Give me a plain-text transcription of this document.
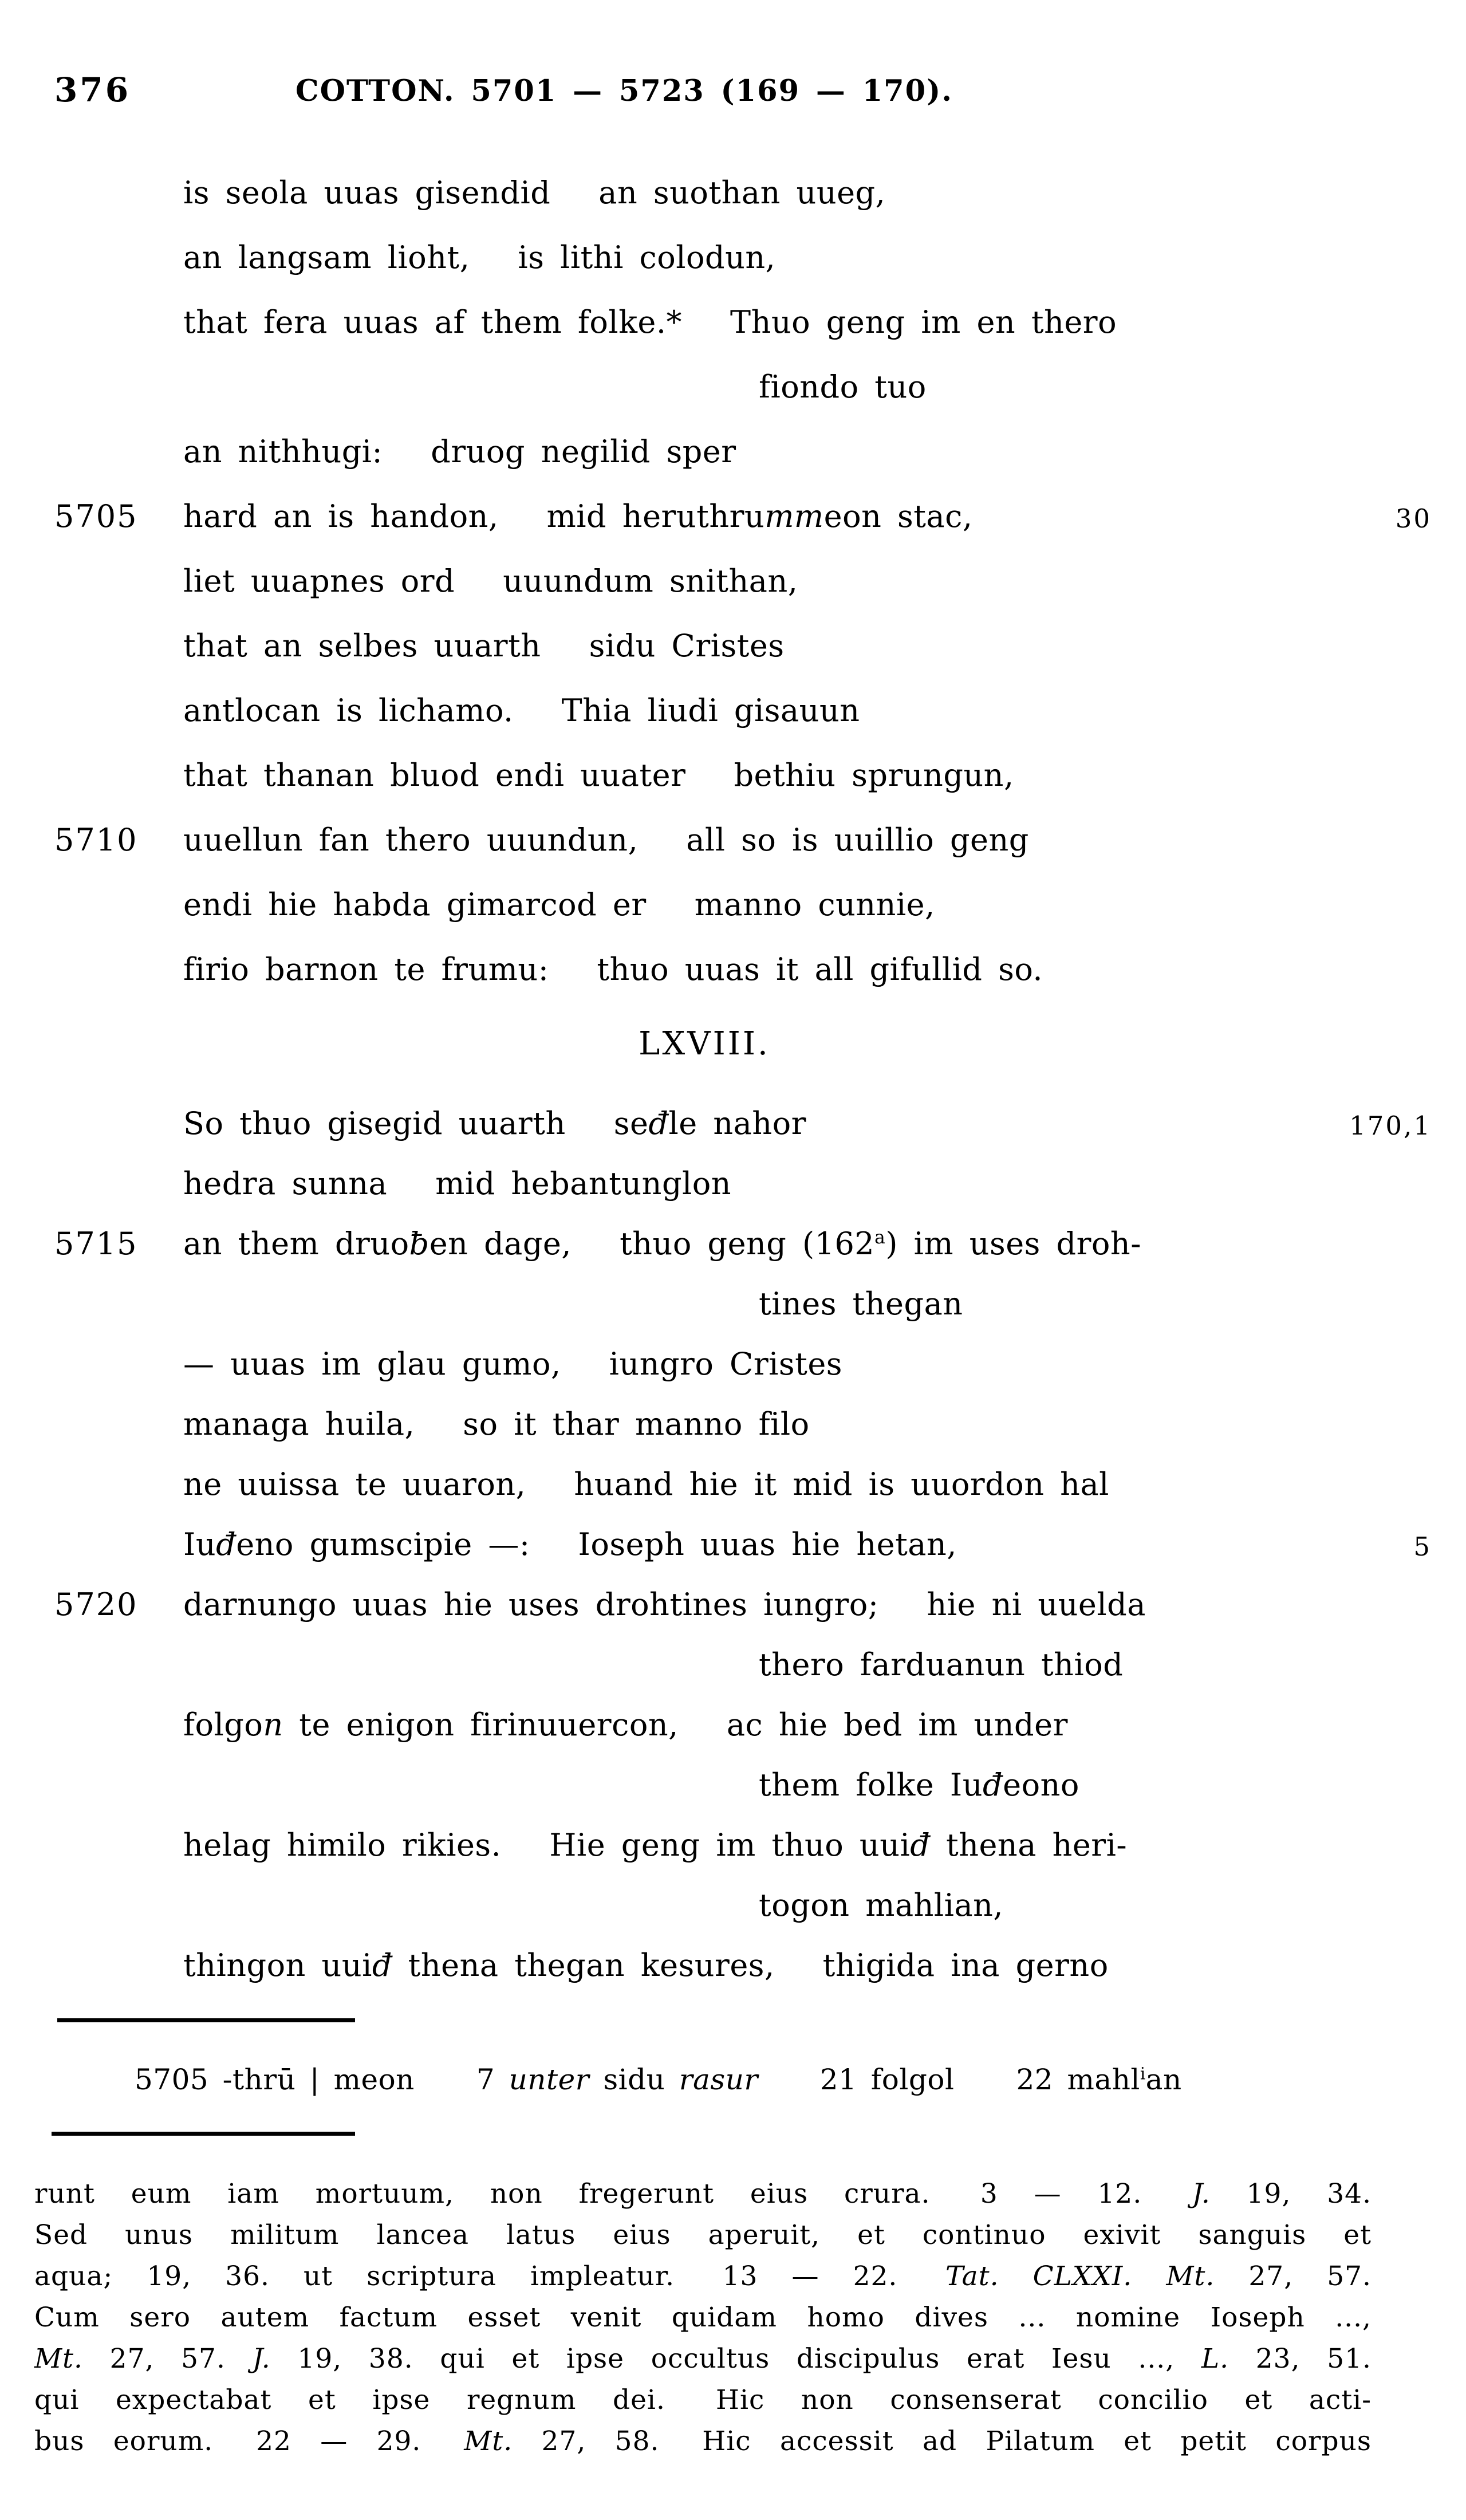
376	COTTON. 5701 — 5723 (169 — 170).
is seola uuas gisendid an suothan uueg,
an langsam lioht, is lithi colodun,
that fera uuas af them folke.* Thuo geng im en thero
fiondo tuo
an nithhugi: druog negilid sper
5705 hard an is handon, mid heruthrummeon stac,	30
liet uuapnes ord uuundum snithan,
that an selbes uuarth sidu Cristes
antlocan is lichamo. Thia liudi gisauun
that thanan bluod endi uuater bethiu sprungun,
5710 uuellun fan thero uuundun, all so is uuillio geng
endi hie habda gimarcod er manno cunnie,
firio barnon te frumu: thuo uuas it all gifullid so.
LXVIII.
So thuo gisegid uuarth seđle nahor	170,1
hedra sunna mid hebantunglon
5715 an them druoƀen dage, thuo geng (162$^a$) im uses droh-
tines thegan
— uuas im glau gumo, iungro Cristes
managa huila, so it thar manno filo
ne uuissa te uuaron, huand hie it mid is uuordon hal
Iuđeno gumscipie —: Ioseph uuas hie hetan,	5
5720 darnungo uuas hie uses drohtines iungro; hie ni uuelda
thero farduanun thiod
folgon te enigon firinuuercon, ac hie bed im under
them folke Iuđeono
helag himilo rikies. Hie geng im thuo uuiđ thena heri-
togon mahlian,
thingon uuiđ thena thegan kesures, thigida ina gerno
5705 -thrū | meon 7 unter sidu rasur 21 folgol 22 mahl$^i$an
runt eum iam mortuum, non fregerunt eius crura.  3 — 12.  J. 19, 34.
Sed unus militum lancea latus eius aperuit, et continuo exivit sanguis et
aqua; 19, 36. ut scriptura impleatur.  13 — 22.  Tat. CLXXI. Mt. 27, 57.
Cum sero autem factum esset venit quidam homo dives ... nomine Ioseph ...,
Mt. 27, 57. J. 19, 38. qui et ipse occultus discipulus erat Iesu ..., L. 23, 51.
qui expectabat et ipse regnum dei.  Hic non consenserat concilio et acti-
bus eorum.  22 — 29.  Mt. 27, 58.  Hic accessit ad Pilatum et petit corpus
